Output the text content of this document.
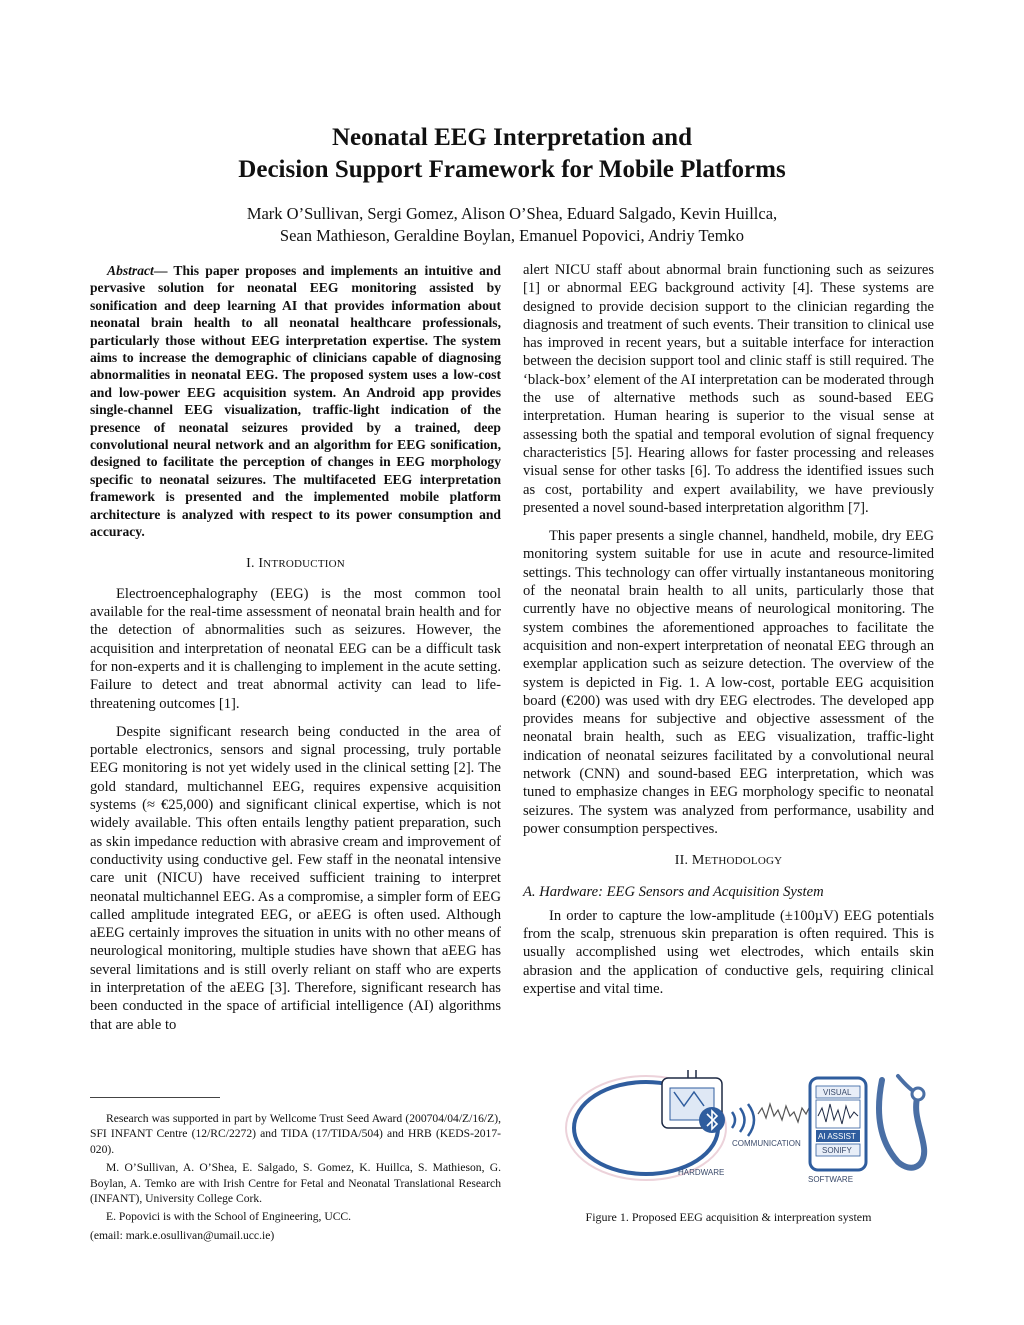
Neonatal EEG Interpretation and
Decision Support Framework for Mobile Platforms
Mark O’Sullivan, Sergi Gomez, Alison O’Shea, Eduard Salgado, Kevin Huillca,
Sean Mathieson, Geraldine Boylan, Emanuel Popovici, Andriy Temko

Abstract— This paper proposes and implements an intuitive and pervasive solution for neonatal EEG monitoring assisted by sonification and deep learning AI that provides information about neonatal brain health to all neonatal healthcare professionals, particularly those without EEG interpretation expertise. The system aims to increase the demographic of clinicians capable of diagnosing abnormalities in neonatal EEG. The proposed system uses a low-cost and low-power EEG acquisition system. An Android app provides single-channel EEG visualization, traffic-light indication of the presence of neonatal seizures provided by a trained, deep convolutional neural network and an algorithm for EEG sonification, designed to facilitate the perception of changes in EEG morphology specific to neonatal seizures. The multifaceted EEG interpretation framework is presented and the implemented mobile platform architecture is analyzed with respect to its power consumption and accuracy.

I. INTRODUCTION

Electroencephalography (EEG) is the most common tool available for the real-time assessment of neonatal brain health and for the detection of abnormalities such as seizures. However, the acquisition and interpretation of neonatal EEG can be a difficult task for non-experts and it is challenging to implement in the acute setting. Failure to detect and treat abnormal activity can lead to life-threatening outcomes [1].

Despite significant research being conducted in the area of portable electronics, sensors and signal processing, truly portable EEG monitoring is not yet widely used in the clinical setting [2]. The gold standard, multichannel EEG, requires expensive acquisition systems (≈ €25,000) and significant clinical expertise, which is not widely available. This often entails lengthy patient preparation, such as skin impedance reduction with abrasive cream and improvement of conductivity using conductive gel. Few staff in the neonatal intensive care unit (NICU) have received sufficient training to interpret neonatal multichannel EEG. As a compromise, a simpler form of EEG called amplitude integrated EEG, or aEEG is often used. Although aEEG certainly improves the situation in units with no other means of neurological monitoring, multiple studies have shown that aEEG has several limitations and is still overly reliant on staff who are experts in interpretation of the aEEG [3]. Therefore, significant research has been conducted in the space of artificial intelligence (AI) algorithms that are able to

Research was supported in part by Wellcome Trust Seed Award (200704/04/Z/16/Z), SFI INFANT Centre (12/RC/2272) and TIDA (17/TIDA/504) and HRB (KEDS-2017-020).

M. O’Sullivan, A. O’Shea, E. Salgado, S. Gomez, K. Huillca, S. Mathieson, G. Boylan, A. Temko are with Irish Centre for Fetal and Neonatal Translational Research (INFANT), University College Cork.

E. Popovici is with the School of Engineering, UCC.

(email: mark.e.osullivan@umail.ucc.ie)

alert NICU staff about abnormal brain functioning such as seizures [1] or abnormal EEG background activity [4]. These systems are designed to provide decision support to the clinician regarding the diagnosis and treatment of such events. Their transition to clinical use has improved in recent years, but a suitable interface for interaction between the decision support tool and clinic staff is still required. The ‘black-box’ element of the AI interpretation can be moderated through the use of alternative methods such as sound-based EEG interpretation. Human hearing is superior to the visual sense at assessing both the spatial and temporal evolution of signal frequency characteristics [5]. Hearing allows for faster processing and releases visual sense for other tasks [6]. To address the identified issues such as cost, portability and expert availability, we have previously presented a novel sound-based interpretation algorithm [7].

This paper presents a single channel, handheld, mobile, dry EEG monitoring system suitable for use in acute and resource-limited settings. This technology can offer virtually instantaneous monitoring of the neonatal brain health to all units, particularly those that currently have no objective means of neurological monitoring. The system combines the aforementioned approaches to facilitate the acquisition and non-expert interpretation of neonatal EEG through an exemplar application such as seizure detection. The overview of the system is depicted in Fig. 1. A low-cost, portable EEG acquisition board (€200) was used with dry EEG electrodes. The developed app provides means for subjective and objective assessment of the neonatal brain health, such as EEG visualization, traffic-light indication of neonatal seizures facilitated by a convolutional neural network (CNN) and sound-based EEG interpretation, which was tuned to emphasize changes in EEG morphology specific to neonatal seizures. The system was analyzed from performance, usability and power consumption perspectives.

II. METHODOLOGY
A. Hardware: EEG Sensors and Acquisition System

In order to capture the low-amplitude (±100µV) EEG potentials from the scalp, strenuous skin preparation is often required. This is usually accomplished using wet electrodes, which entails skin abrasion and the application of conductive gels, requiring clinical expertise and vital time.

HARDWARE
COMMUNICATION
VISUAL
AI ASSIST
SONIFY
SOFTWARE
Figure 1. Proposed EEG acquisition & interpreation system
